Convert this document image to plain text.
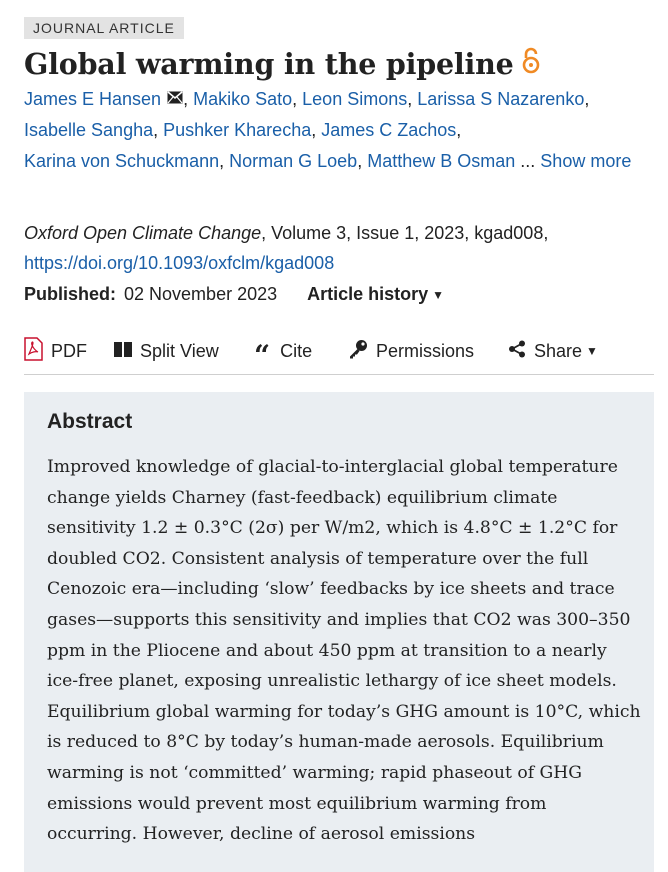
JOURNAL ARTICLE
Global warming in the pipeline
James E Hansen , Makiko Sato, Leon Simons, Larissa S Nazarenko,
Isabelle Sangha, Pushker Kharecha, James C Zachos,
Karina von Schuckmann, Norman G Loeb, Matthew B Osman ... Show more
Oxford Open Climate Change, Volume 3, Issue 1, 2023, kgad008, https://doi.org/10.1093/oxfclm/kgad008
Published: 02 November 2023 Article history ▼
PDF	Split View “ Cite	Permissions	Share ▼
Abstract

Improved knowledge of glacial-to-interglacial global temperature change yields Charney (fast-feedback) equilibrium climate sensitivity 1.2 ± 0.3°C (2σ) per W/m2, which is 4.8°C ± 1.2°C for doubled CO2. Consistent analysis of temperature over the full Cenozoic era—including ‘slow’ feedbacks by ice sheets and trace gases—supports this sensitivity and implies that CO2 was 300–350 ppm in the Pliocene and about 450 ppm at transition to a nearly ice-free planet, exposing unrealistic lethargy of ice sheet models. Equilibrium global warming for today’s GHG amount is 10°C, which is reduced to 8°C by today’s human-made aerosols. Equilibrium warming is not ‘committed’ warming; rapid phaseout of GHG emissions would prevent most equilibrium warming from occurring. However, decline of aerosol emissions
